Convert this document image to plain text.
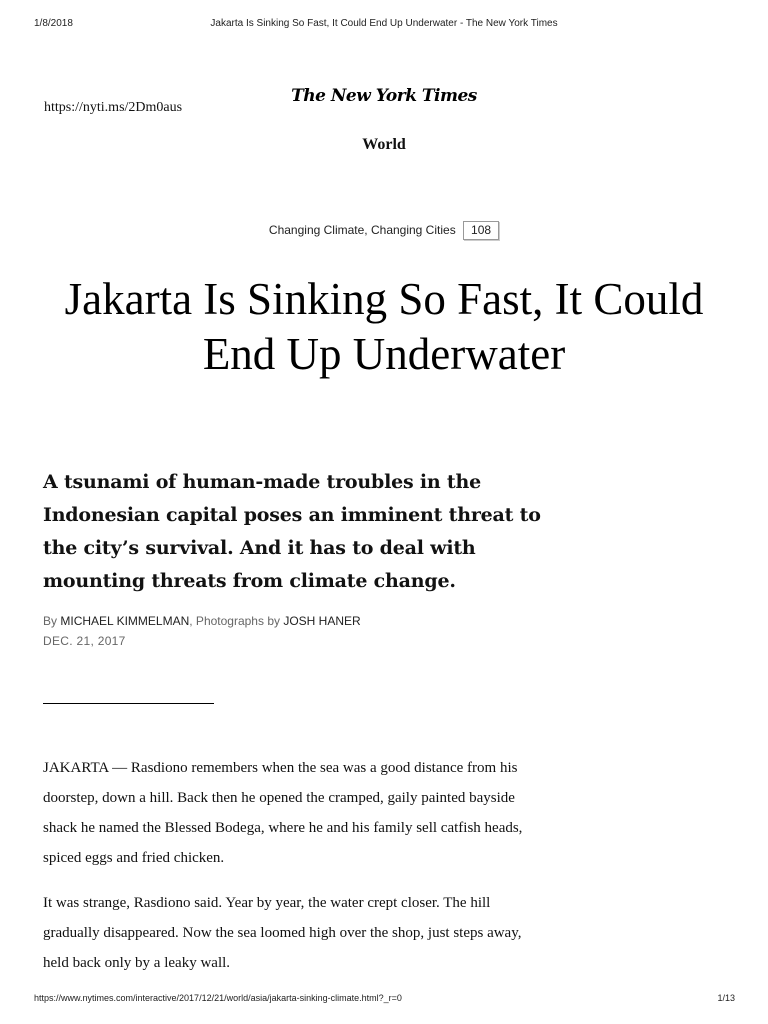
1/8/2018	Jakarta Is Sinking So Fast, It Could End Up Underwater - The New York Times
https://nyti.ms/2Dm0aus
The New York Times
World
Changing Climate, Changing Cities 108
Jakarta Is Sinking So Fast, It Could End Up Underwater

A tsunami of human-made troubles in the Indonesian capital poses an imminent threat to the city’s survival. And it has to deal with mounting threats from climate change.

By MICHAEL KIMMELMAN, Photographs by JOSH HANER
DEC. 21, 2017

JAKARTA — Rasdiono remembers when the sea was a good distance from his doorstep, down a hill. Back then he opened the cramped, gaily painted bayside shack he named the Blessed Bodega, where he and his family sell catfish heads, spiced eggs and fried chicken.

It was strange, Rasdiono said. Year by year, the water crept closer. The hill gradually disappeared. Now the sea loomed high over the shop, just steps away, held back only by a leaky wall.

https://www.nytimes.com/interactive/2017/12/21/world/asia/jakarta-sinking-climate.html?_r=0	1/13
